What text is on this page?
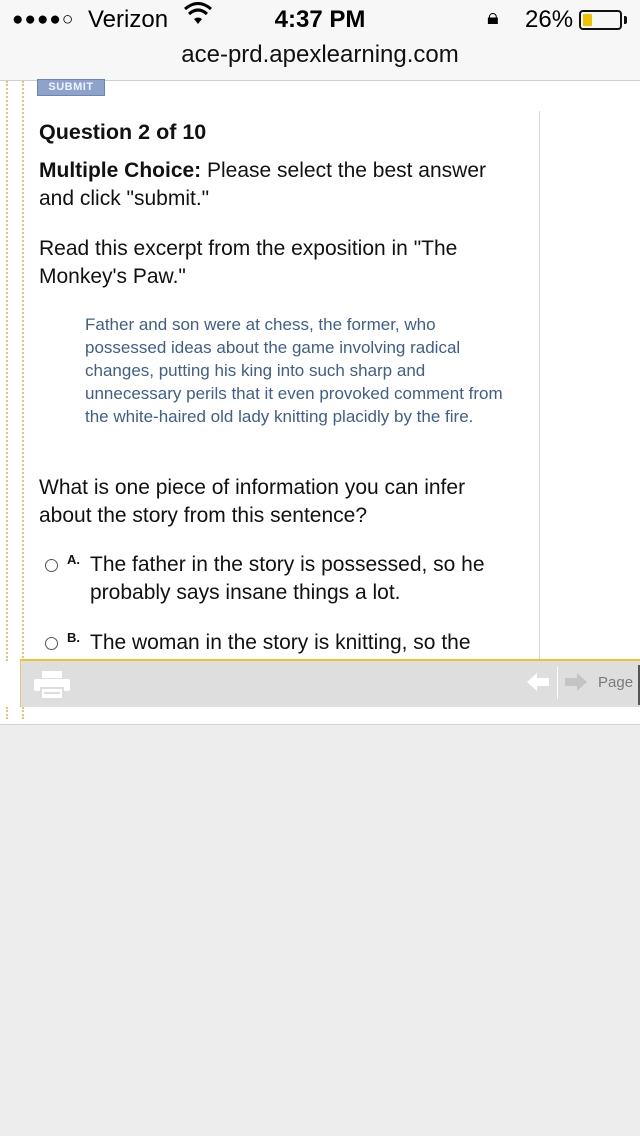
●●●●○ Verizon	4:37 PM	🔒︎ 26%
ace-prd.apexlearning.com
SUBMIT
Question 2 of 10
Multiple Choice: Please select the best answer and click "submit."
Read this excerpt from the exposition in "The Monkey's Paw."
Father and son were at chess, the former, who possessed ideas about the game involving radical changes, putting his king into such sharp and unnecessary perils that it even provoked comment from the white-haired old lady knitting placidly by the fire.
What is one piece of information you can infer about the story from this sentence?
A. The father in the story is possessed, so he probably says insane things a lot.
B. The woman in the story is knitting, so the
Page
